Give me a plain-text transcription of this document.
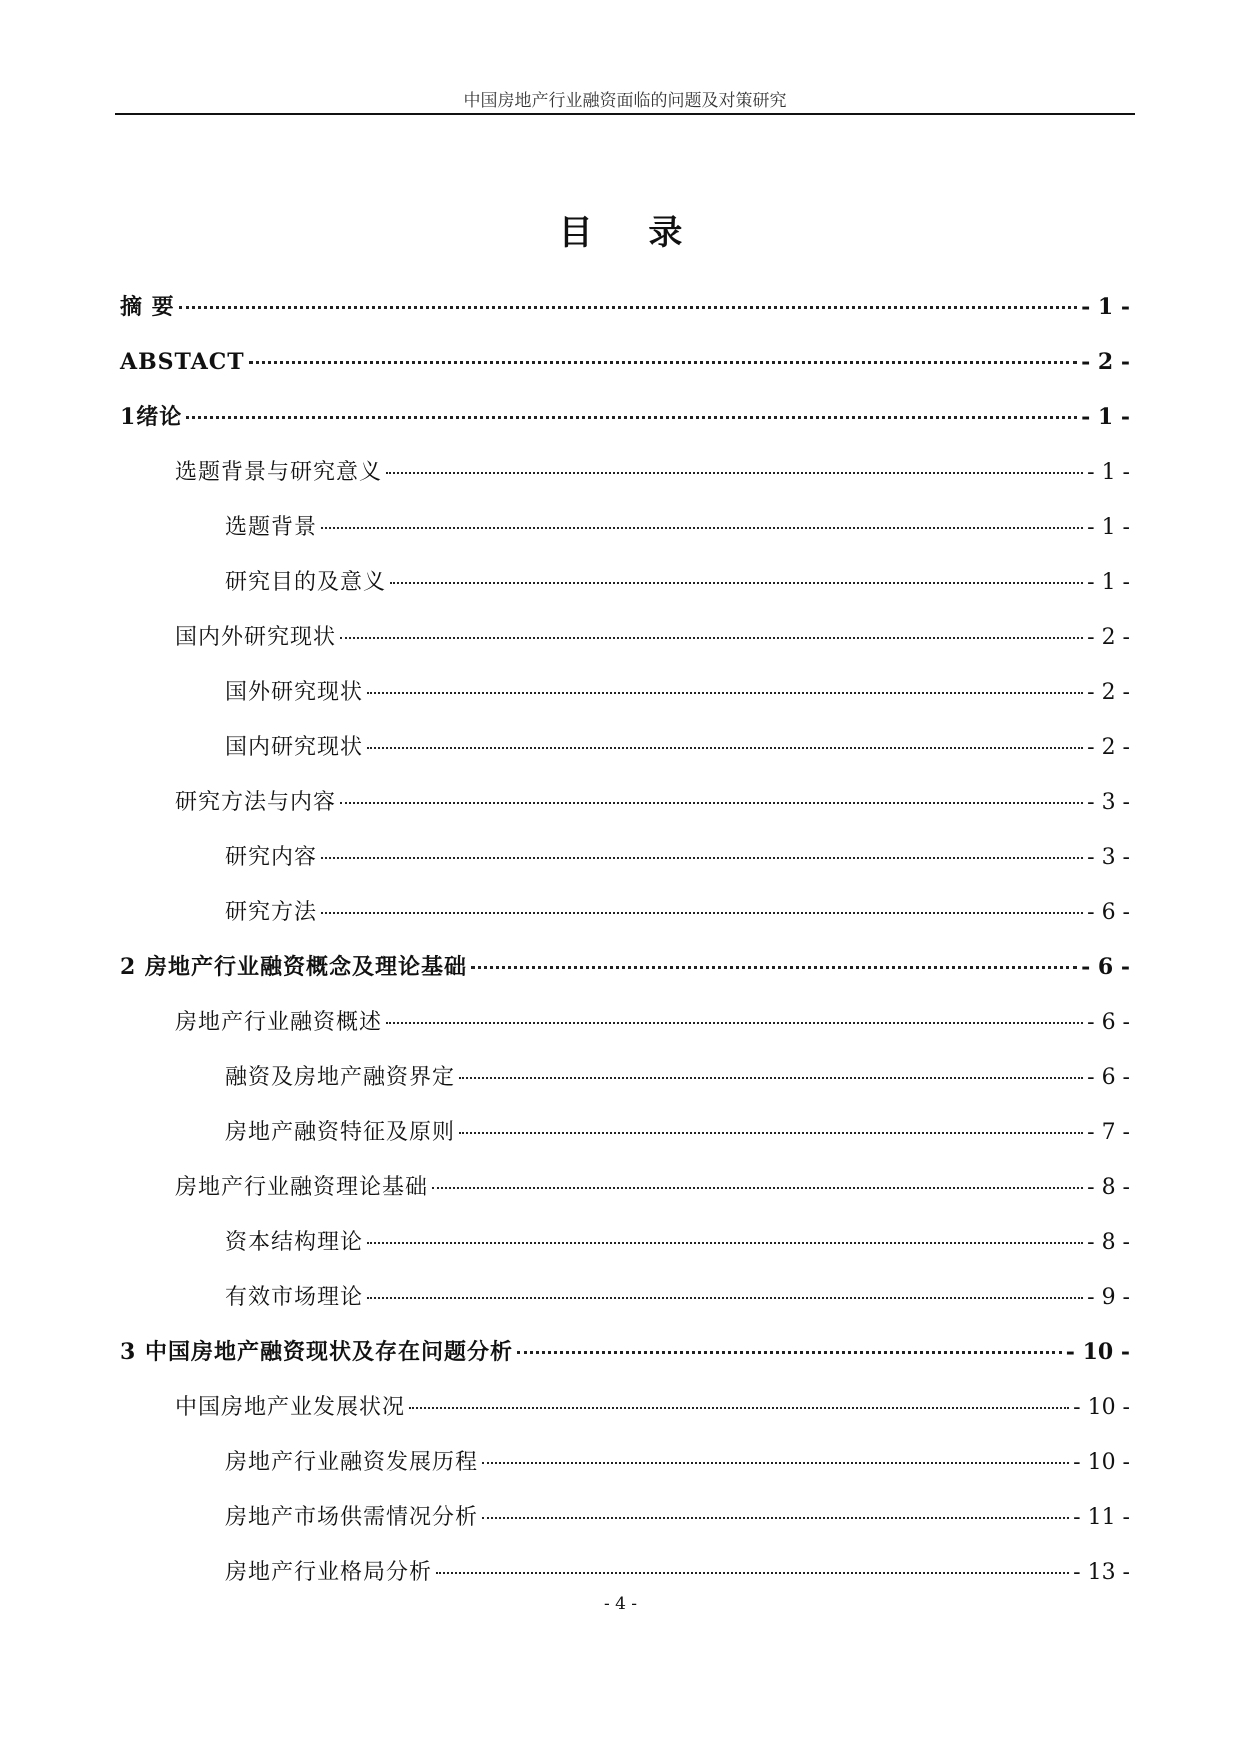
中国房地产行业融资面临的问题及对策研究
目 录
摘 要	- 1 -
ABSTACT	- 2 -
1绪论	- 1 -
选题背景与研究意义	- 1 -
选题背景	- 1 -
研究目的及意义	- 1 -
国内外研究现状	- 2 -
国外研究现状	- 2 -
国内研究现状	- 2 -
研究方法与内容	- 3 -
研究内容	- 3 -
研究方法	- 6 -
2 房地产行业融资概念及理论基础	- 6 -
房地产行业融资概述	- 6 -
融资及房地产融资界定	- 6 -
房地产融资特征及原则	- 7 -
房地产行业融资理论基础	- 8 -
资本结构理论	- 8 -
有效市场理论	- 9 -
3 中国房地产融资现状及存在问题分析	- 10 -
中国房地产业发展状况	- 10 -
房地产行业融资发展历程	- 10 -
房地产市场供需情况分析	- 11 -
房地产行业格局分析	- 13 -
- 4 -
